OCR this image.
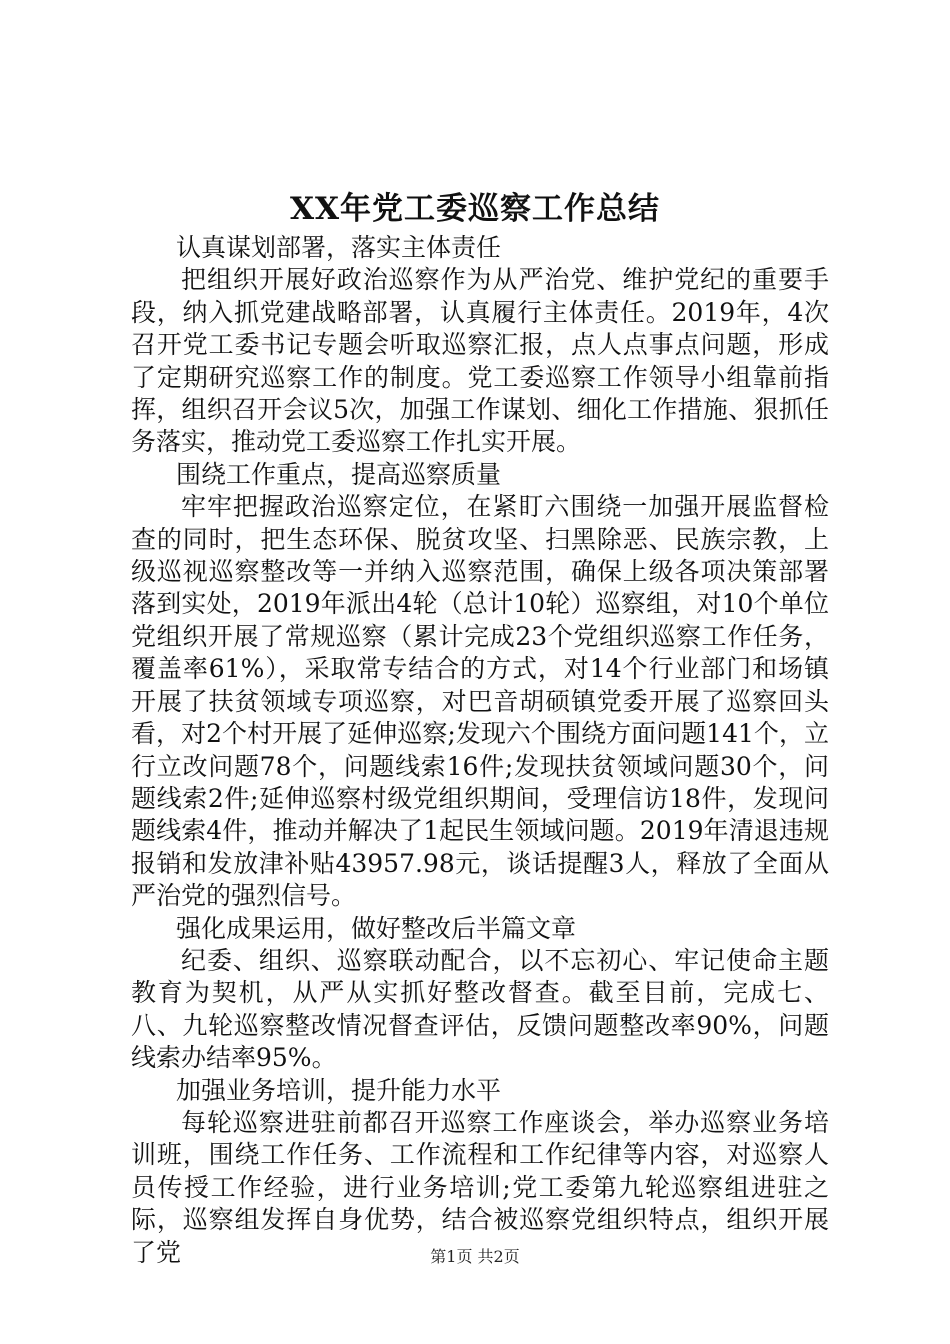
XX年党工委巡察工作总结

认真谋划部署，落实主体责任

把组织开展好政治巡察作为从严治党、维护党纪的重要手段，纳入抓党建战略部署，认真履行主体责任。2019年，4次召开党工委书记专题会听取巡察汇报，点人点事点问题，形成了定期研究巡察工作的制度。党工委巡察工作领导小组靠前指挥，组织召开会议5次，加强工作谋划、细化工作措施、狠抓任务落实，推动党工委巡察工作扎实开展。

围绕工作重点，提高巡察质量

牢牢把握政治巡察定位，在紧盯六围绕一加强开展监督检查的同时，把生态环保、脱贫攻坚、扫黑除恶、民族宗教，上级巡视巡察整改等一并纳入巡察范围，确保上级各项决策部署落到实处，2019年派出4轮（总计10轮）巡察组，对10个单位党组织开展了常规巡察（累计完成23个党组织巡察工作任务，覆盖率61%），采取常专结合的方式，对14个行业部门和场镇开展了扶贫领域专项巡察，对巴音胡硕镇党委开展了巡察回头看，对2个村开展了延伸巡察;发现六个围绕方面问题141个，立行立改问题78个，问题线索16件;发现扶贫领域问题30个，问题线索2件;延伸巡察村级党组织期间，受理信访18件，发现问题线索4件，推动并解决了1起民生领域问题。2019年清退违规报销和发放津补贴43957.98元，谈话提醒3人，释放了全面从严治党的强烈信号。

强化成果运用，做好整改后半篇文章

纪委、组织、巡察联动配合，以不忘初心、牢记使命主题教育为契机，从严从实抓好整改督查。截至目前，完成七、八、九轮巡察整改情况督查评估，反馈问题整改率90%，问题线索办结率95%。

加强业务培训，提升能力水平

每轮巡察进驻前都召开巡察工作座谈会，举办巡察业务培训班，围绕工作任务、工作流程和工作纪律等内容，对巡察人员传授工作经验，进行业务培训;党工委第九轮巡察组进驻之际，巡察组发挥自身优势，结合被巡察党组织特点，组织开展了党	第1页 共2页
